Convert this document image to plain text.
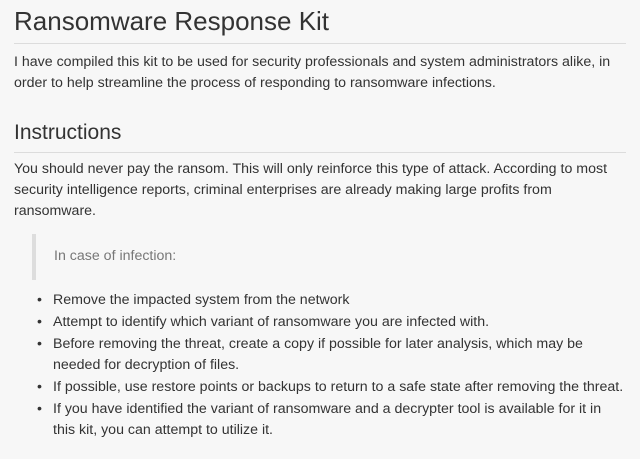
Ransomware Response Kit

I have compiled this kit to be used for security professionals and system administrators alike, in order to help streamline the process of responding to ransomware infections.

Instructions

You should never pay the ransom. This will only reinforce this type of attack. According to most security intelligence reports, criminal enterprises are already making large profits from ransomware.

In case of infection:
• Remove the impacted system from the network
• Attempt to identify which variant of ransomware you are infected with.
• Before removing the threat, create a copy if possible for later analysis, which may be needed for decryption of files.
• If possible, use restore points or backups to return to a safe state after removing the threat.
• If you have identified the variant of ransomware and a decrypter tool is available for it in this kit, you can attempt to utilize it.
